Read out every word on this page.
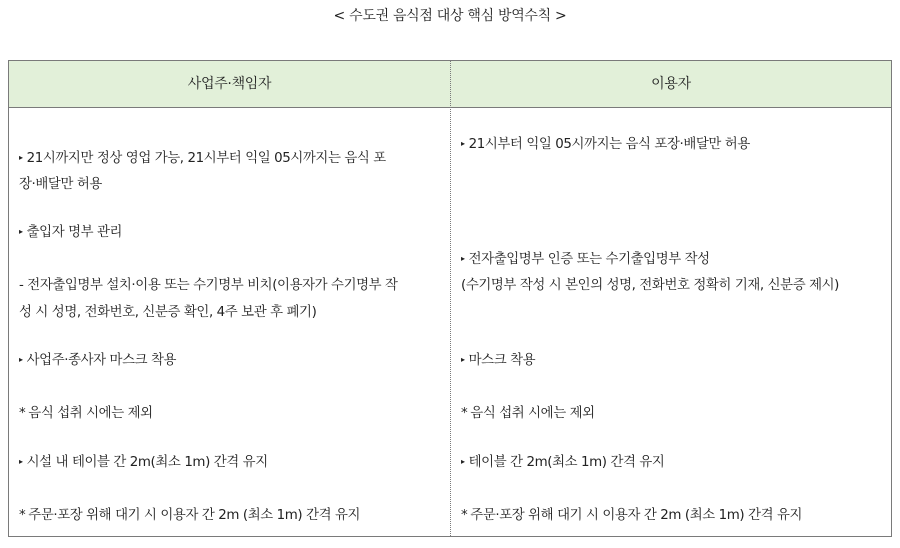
< 수도권 음식점 대상 핵심 방역수칙 >
사업주·책임자	이용자
▸ 21시까지만 정상 영업 가능, 21시부터 익일 05시까지는 음식 포
장·배달만 허용
▸ 출입자 명부 관리
- 전자출입명부 설치·이용 또는 수기명부 비치(이용자가 수기명부 작
성 시 성명, 전화번호, 신분증 확인, 4주 보관 후 폐기)
▸ 사업주·종사자 마스크 착용
* 음식 섭취 시에는 제외
▸ 시설 내 테이블 간 2m(최소 1m) 간격 유지
* 주문·포장 위해 대기 시 이용자 간 2m (최소 1m) 간격 유지
▸ 21시부터 익일 05시까지는 음식 포장·배달만 허용
▸ 전자출입명부 인증 또는 수기출입명부 작성
(수기명부 작성 시 본인의 성명, 전화번호 정확히 기재, 신분증 제시)
▸ 마스크 착용
* 음식 섭취 시에는 제외
▸ 테이블 간 2m(최소 1m) 간격 유지
* 주문·포장 위해 대기 시 이용자 간 2m (최소 1m) 간격 유지
